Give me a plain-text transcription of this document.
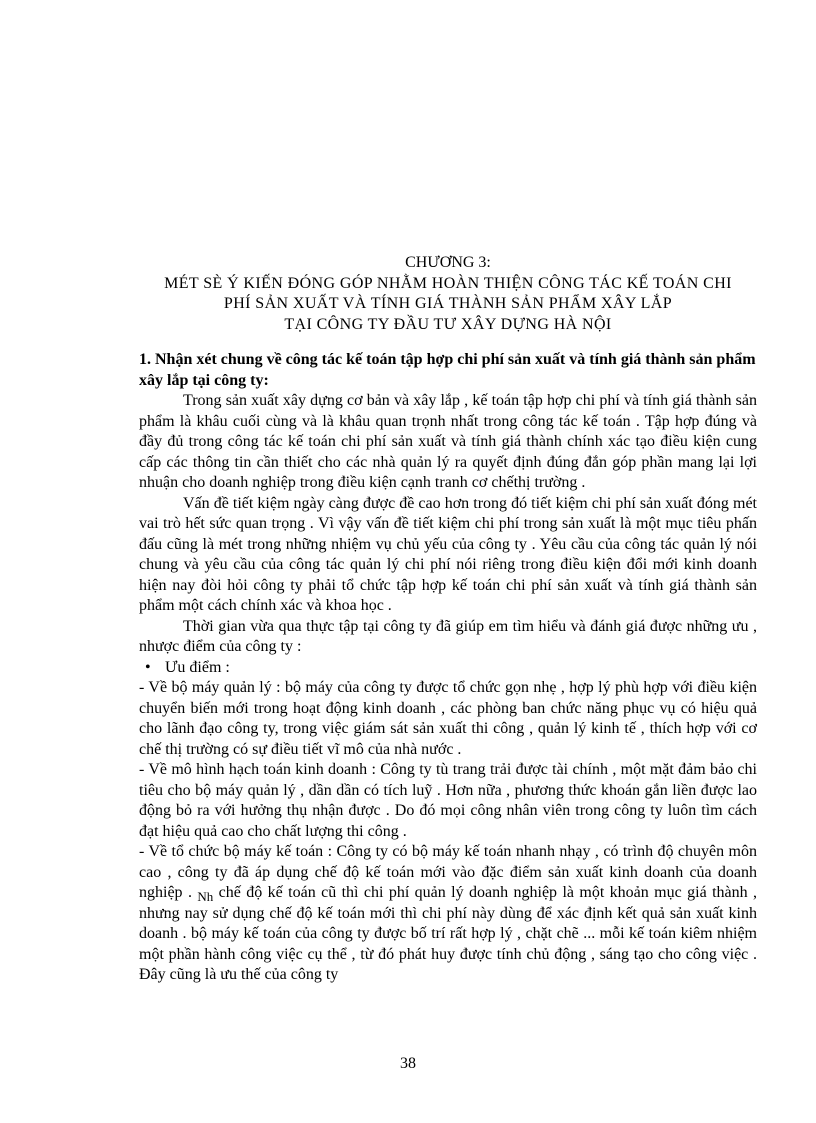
CHƯƠNG 3:
MÉT SÈ Ý KIẾN ĐÓNG GÓP NHẰM HOÀN THIỆN CÔNG TÁC KẾ TOÁN CHI
PHÍ SẢN XUẤT VÀ TÍNH GIÁ THÀNH SẢN PHẨM XÂY LẮP
TẠI CÔNG TY ĐẦU TƯ XÂY DỰNG HÀ NỘI
1. Nhận xét chung về công tác kế toán tập hợp chi phí sản xuất và tính giá thành sản phẩm xây lắp tại công ty:

Trong sản xuất xây dựng cơ bản và xây lắp , kế toán tập hợp chi phí và tính giá thành sản phẩm là khâu cuối cùng và là khâu quan trọnh nhất trong công tác kế toán . Tập hợp đúng và đầy đủ trong công tác kế toán chi phí sản xuất và tính giá thành chính xác tạo điều kiện cung cấp các thông tin cần thiết cho các nhà quản lý ra quyết định đúng đắn góp phần mang lại lợi nhuận cho doanh nghiệp trong điều kiện cạnh tranh cơ chếthị trường .

Vấn đề tiết kiệm ngày càng được đề cao hơn trong đó tiết kiệm chi phí sản xuất đóng mét vai trò hết sức quan trọng . Vì vậy vấn đề tiết kiệm chi phí trong sản xuất là một mục tiêu phấn đấu cũng là mét trong những nhiệm vụ chủ yếu của công ty . Yêu cầu của công tác quản lý nói chung và yêu cầu của công tác quản lý chi phí nói riêng trong điều kiện đổi mới kinh doanh hiện nay đòi hỏi công ty phải tổ chức tập hợp kế toán chi phí sản xuất và tính giá thành sản phẩm một cách chính xác và khoa học .

Thời gian vừa qua thực tập tại công ty đã giúp em tìm hiểu và đánh giá được những ưu , nhược điểm của công ty :

• Ưu điểm :

- Về bộ máy quản lý : bộ máy của công ty được tổ chức gọn nhẹ , hợp lý phù hợp với điều kiện chuyển biến mới trong hoạt động kinh doanh , các phòng ban chức năng phục vụ có hiệu quả cho lãnh đạo công ty, trong việc giám sát sản xuất thi công , quản lý kinh tế , thích hợp với cơ chế thị trường có sự điều tiết vĩ mô của nhà nước .

- Về mô hình hạch toán kinh doanh : Công ty tù trang trải được tài chính , một mặt đảm bảo chi tiêu cho bộ máy quản lý , dần dần có tích luỹ . Hơn nữa , phương thức khoán gắn liền được lao động bỏ ra với hưởng thụ nhận được . Do đó mọi công nhân viên trong công ty luôn tìm cách đạt hiệu quả cao cho chất lượng thi công .

- Về tổ chức bộ máy kế toán : Công ty có bộ máy kế toán nhanh nhạy , có trình độ chuyên môn cao , công ty đã áp dụng chế độ kế toán mới vào đặc điểm sản xuất kinh doanh của doanh nghiệp . $_{Nh}$ chế độ kế toán cũ thì chi phí quản lý doanh nghiệp là một khoản mục giá thành , nhưng nay sử dụng chế độ kế toán mới thì chi phí này dùng để xác định kết quả sản xuất kinh doanh . bộ máy kế toán của công ty được bố trí rất hợp lý , chặt chẽ ... mỗi kế toán kiêm nhiệm một phần hành công việc cụ thể , từ đó phát huy được tính chủ động , sáng tạo cho công việc . Đây cũng là ưu thế của công ty

38
